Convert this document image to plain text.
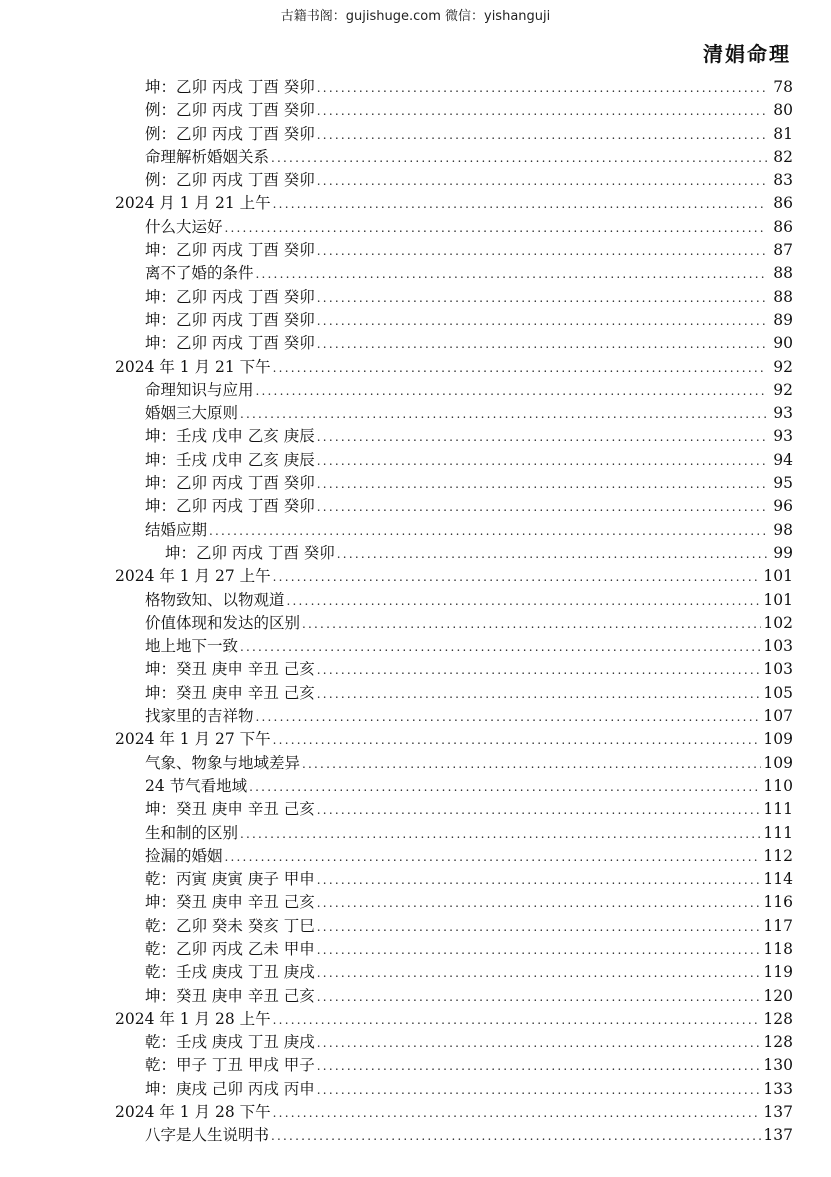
古籍书阁：gujishuge.com 微信：yishanguji
清娟命理
坤：乙卯 丙戌 丁酉 癸卯 .....	78
例：乙卯 丙戌 丁酉 癸卯 .....	80
例：乙卯 丙戌 丁酉 癸卯 .....	81
命理解析婚姻关系 .....	82
例：乙卯 丙戌 丁酉 癸卯 .....	83
2024 月 1 月 21 上午 .....	86
什么大运好 .....	86
坤：乙卯 丙戌 丁酉 癸卯 .....	87
离不了婚的条件 .....	88
坤：乙卯 丙戌 丁酉 癸卯 .....	88
坤：乙卯 丙戌 丁酉 癸卯 .....	89
坤：乙卯 丙戌 丁酉 癸卯 .....	90
2024 年 1 月 21 下午 .....	92
命理知识与应用 .....	92
婚姻三大原则 .....	93
坤：壬戌 戊申 乙亥 庚辰 .....	93
坤：壬戌 戊申 乙亥 庚辰 .....	94
坤：乙卯 丙戌 丁酉 癸卯 .....	95
坤：乙卯 丙戌 丁酉 癸卯 .....	96
结婚应期 .....	98
坤：乙卯 丙戌 丁酉 癸卯 .....	99
2024 年 1 月 27 上午 .....	101
格物致知、以物观道 .....	101
价值体现和发达的区别 .....	102
地上地下一致 .....	103
坤：癸丑 庚申 辛丑 己亥 .....	103
坤：癸丑 庚申 辛丑 己亥 .....	105
找家里的吉祥物 .....	107
2024 年 1 月 27 下午 .....	109
气象、物象与地域差异 .....	109
24 节气看地域 .....	110
坤：癸丑 庚申 辛丑 己亥 .....	111
生和制的区别 .....	111
捡漏的婚姻 .....	112
乾：丙寅 庚寅 庚子 甲申 .....	114
坤：癸丑 庚申 辛丑 己亥 .....	116
乾：乙卯 癸未 癸亥 丁巳 .....	117
乾：乙卯 丙戌 乙未 甲申 .....	118
乾：壬戌 庚戌 丁丑 庚戌 .....	119
坤：癸丑 庚申 辛丑 己亥 .....	120
2024 年 1 月 28 上午 .....	128
乾：壬戌 庚戌 丁丑 庚戌 .....	128
乾：甲子 丁丑 甲戌 甲子 .....	130
坤：庚戌 己卯 丙戌 丙申 .....	133
2024 年 1 月 28 下午 .....	137
八字是人生说明书 .....	137
